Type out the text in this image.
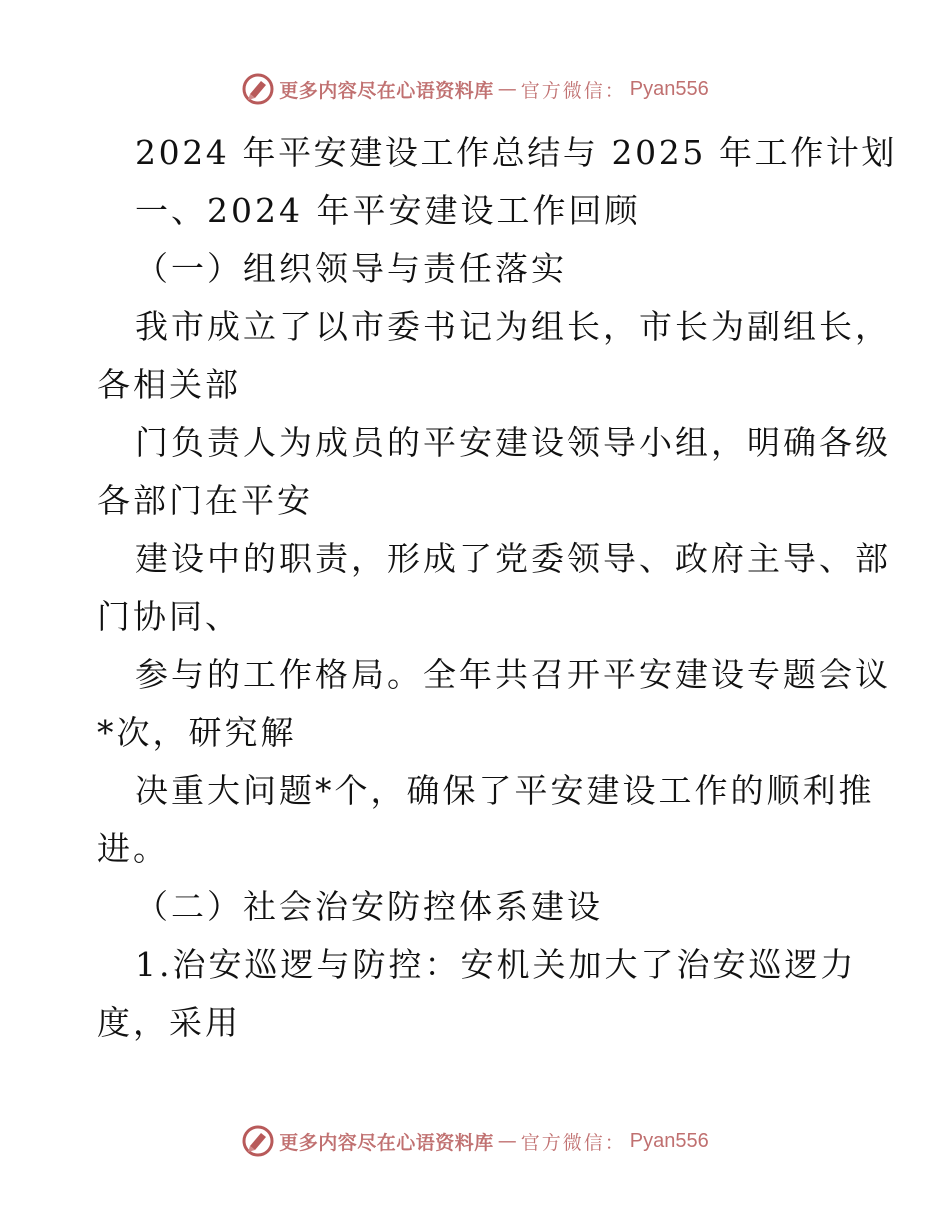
更多内容尽在心语资料库 — 官方微信： Pyan556
2024 年平安建设工作总结与 2025 年工作计划
一、2024 年平安建设工作回顾
（一）组织领导与责任落实
我市成立了以市委书记为组长，市长为副组长，
各相关部
门负责人为成员的平安建设领导小组，明确各级
各部门在平安
建设中的职责，形成了党委领导、政府主导、部
门协同、
参与的工作格局。全年共召开平安建设专题会议
*次，研究解
决重大问题*个，确保了平安建设工作的顺利推
进。
（二）社会治安防控体系建设
1.治安巡逻与防控：安机关加大了治安巡逻力
度，采用
更多内容尽在心语资料库 — 官方微信： Pyan556
